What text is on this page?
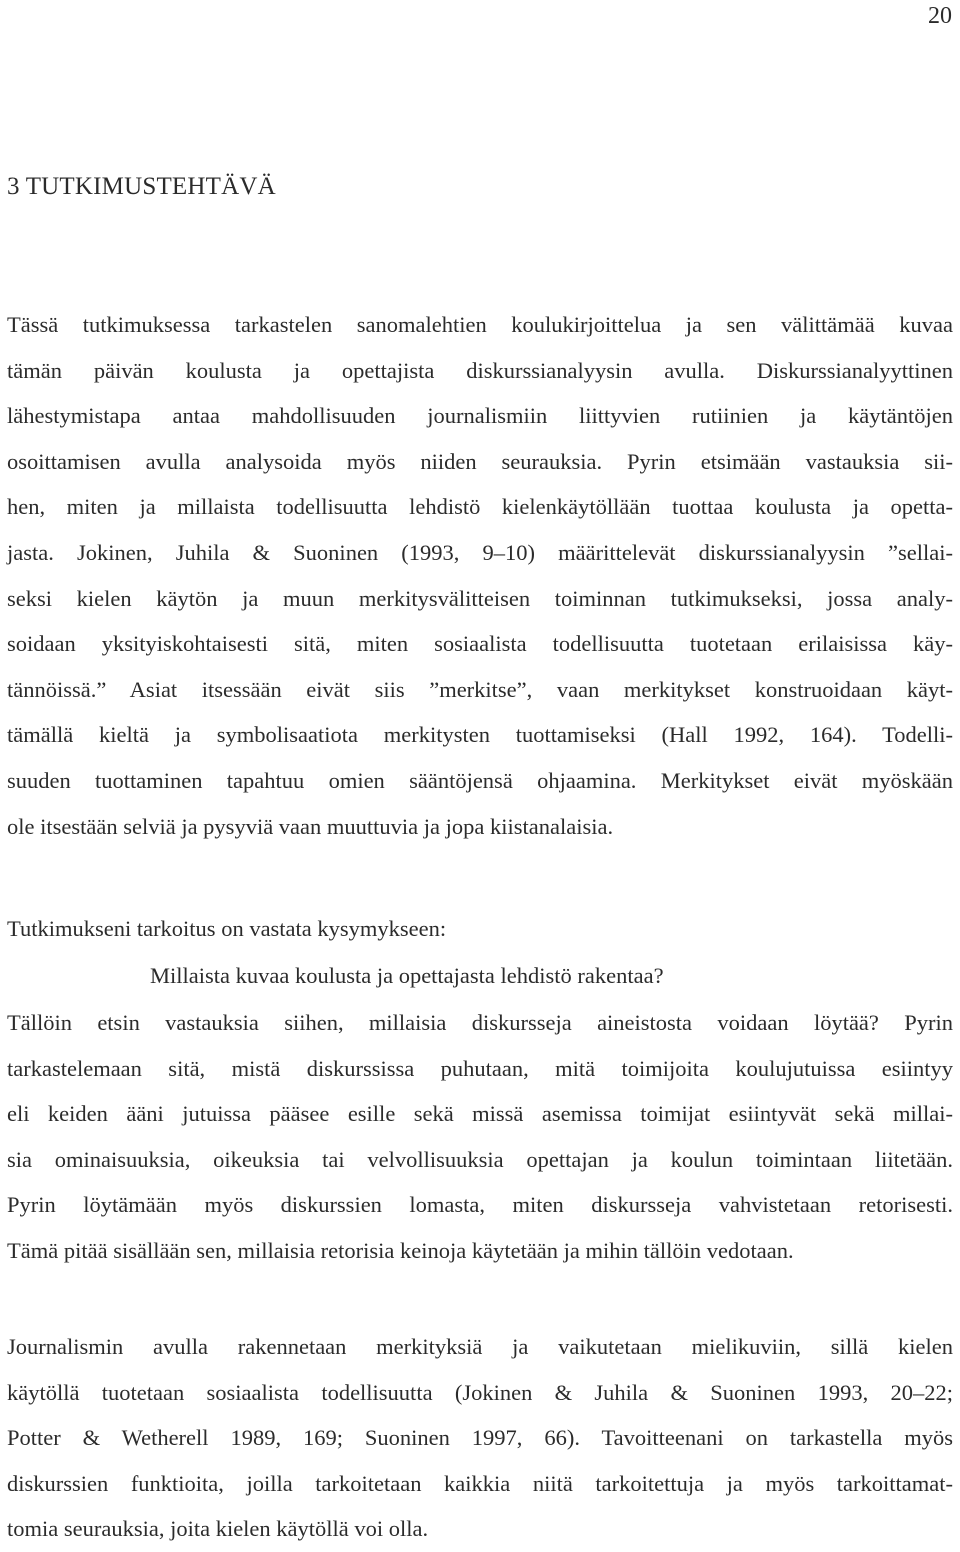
20
3 TUTKIMUSTEHTÄVÄ
Tässä tutkimuksessa tarkastelen sanomalehtien koulukirjoittelua ja sen välittämää kuvaa
tämän päivän koulusta ja opettajista diskurssianalyysin avulla. Diskurssianalyyttinen
lähestymistapa antaa mahdollisuuden journalismiin liittyvien rutiinien ja käytäntöjen
osoittamisen avulla analysoida myös niiden seurauksia. Pyrin etsimään vastauksia sii-
hen, miten ja millaista todellisuutta lehdistö kielenkäytöllään tuottaa koulusta ja opetta-
jasta. Jokinen, Juhila & Suoninen (1993, 9–10) määrittelevät diskurssianalyysin ”sellai-
seksi kielen käytön ja muun merkitysvälitteisen toiminnan tutkimukseksi, jossa analy-
soidaan yksityiskohtaisesti sitä, miten sosiaalista todellisuutta tuotetaan erilaisissa käy-
tännöissä.” Asiat itsessään eivät siis ”merkitse”, vaan merkitykset konstruoidaan käyt-
tämällä kieltä ja symbolisaatiota merkitysten tuottamiseksi (Hall 1992, 164). Todelli-
suuden tuottaminen tapahtuu omien sääntöjensä ohjaamina. Merkitykset eivät myöskään
ole itsestään selviä ja pysyviä vaan muuttuvia ja jopa kiistanalaisia.
Tutkimukseni tarkoitus on vastata kysymykseen:
Millaista kuvaa koulusta ja opettajasta lehdistö rakentaa?
Tällöin etsin vastauksia siihen, millaisia diskursseja aineistosta voidaan löytää? Pyrin
tarkastelemaan sitä, mistä diskurssissa puhutaan, mitä toimijoita koulujutuissa esiintyy
eli keiden ääni jutuissa pääsee esille sekä missä asemissa toimijat esiintyvät sekä millai-
sia ominaisuuksia, oikeuksia tai velvollisuuksia opettajan ja koulun toimintaan liitetään.
Pyrin löytämään myös diskurssien lomasta, miten diskursseja vahvistetaan retorisesti.
Tämä pitää sisällään sen, millaisia retorisia keinoja käytetään ja mihin tällöin vedotaan.
Journalismin avulla rakennetaan merkityksiä ja vaikutetaan mielikuviin, sillä kielen
käytöllä tuotetaan sosiaalista todellisuutta (Jokinen & Juhila & Suoninen 1993, 20–22;
Potter & Wetherell 1989, 169; Suoninen 1997, 66). Tavoitteenani on tarkastella myös
diskurssien funktioita, joilla tarkoitetaan kaikkia niitä tarkoitettuja ja myös tarkoittamat-
tomia seurauksia, joita kielen käytöllä voi olla.
